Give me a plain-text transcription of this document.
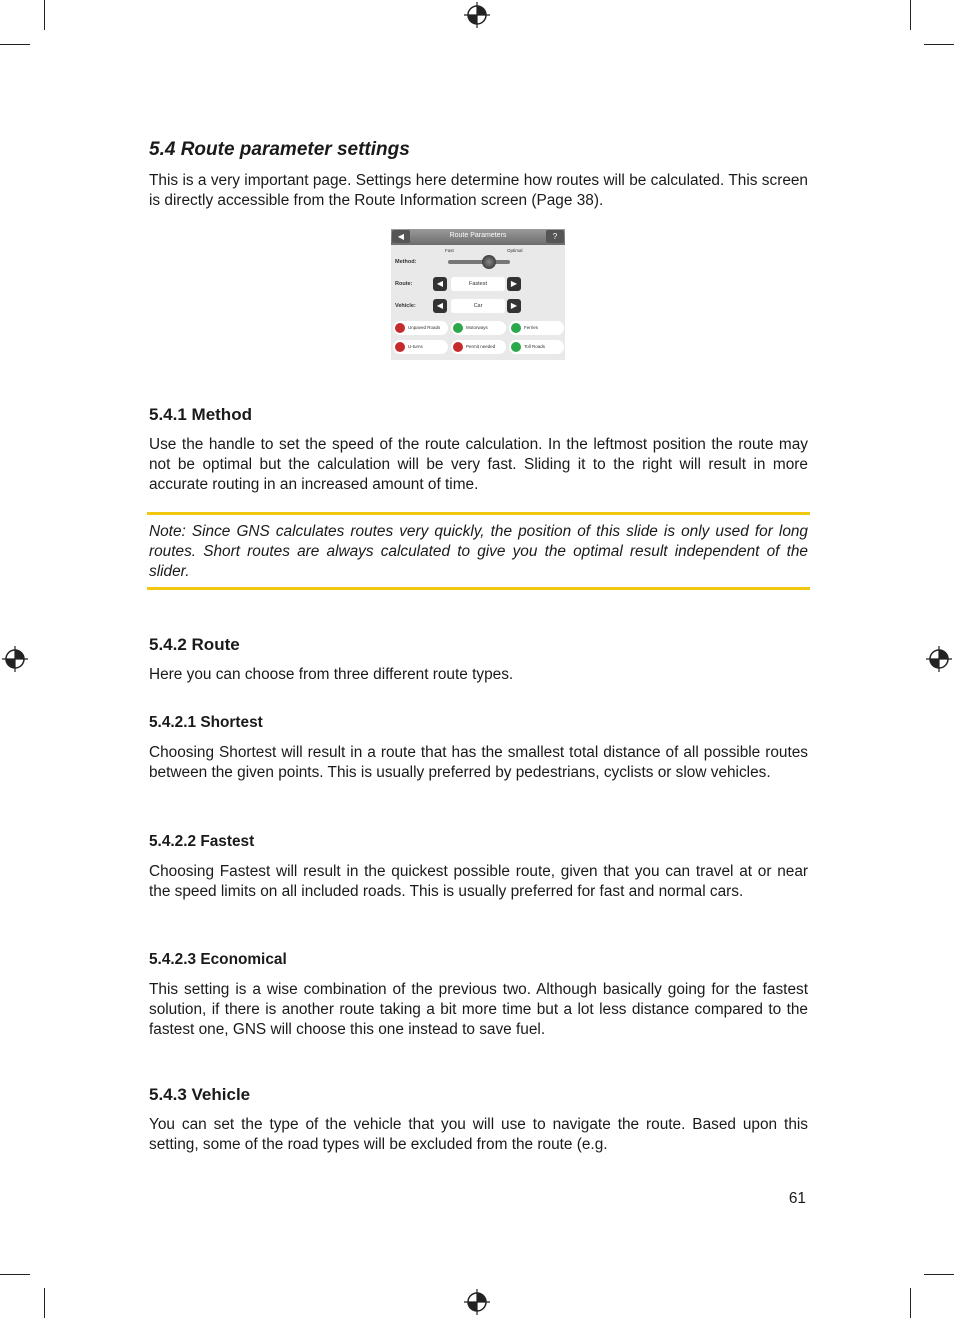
5.4 Route parameter settings

This is a very important page. Settings here determine how routes will be calculated. This screen is directly accessible from the Route Information screen (Page 38).

◀	Route Parameters	?
Fast	Optimal
Method:
Route:	◀	Fastest	▶
Vehicle:	◀	Car	▶
Unpaved Roads	Motorways	Ferries
U-turns	Permit needed	Toll Roads
5.4.1 Method

Use the handle to set the speed of the route calculation. In the leftmost position the route may not be optimal but the calculation will be very fast. Sliding it to the right will result in more accurate routing in an increased amount of time.

Note: Since GNS calculates routes very quickly, the position of this slide is only used for long routes. Short routes are always calculated to give you the optimal result independent of the slider.

5.4.2 Route

Here you can choose from three different route types.

5.4.2.1 Shortest

Choosing Shortest will result in a route that has the smallest total distance of all possible routes between the given points. This is usually preferred by pedestrians, cyclists or slow vehicles.

5.4.2.2 Fastest

Choosing Fastest will result in the quickest possible route, given that you can travel at or near the speed limits on all included roads. This is usually preferred for fast and normal cars.

5.4.2.3 Economical

This setting is a wise combination of the previous two. Although basically going for the fastest solution, if there is another route taking a bit more time but a lot less distance compared to the fastest one, GNS will choose this one instead to save fuel.

5.4.3 Vehicle

You can set the type of the vehicle that you will use to navigate the route. Based upon this setting, some of the road types will be excluded from the route (e.g.

61
